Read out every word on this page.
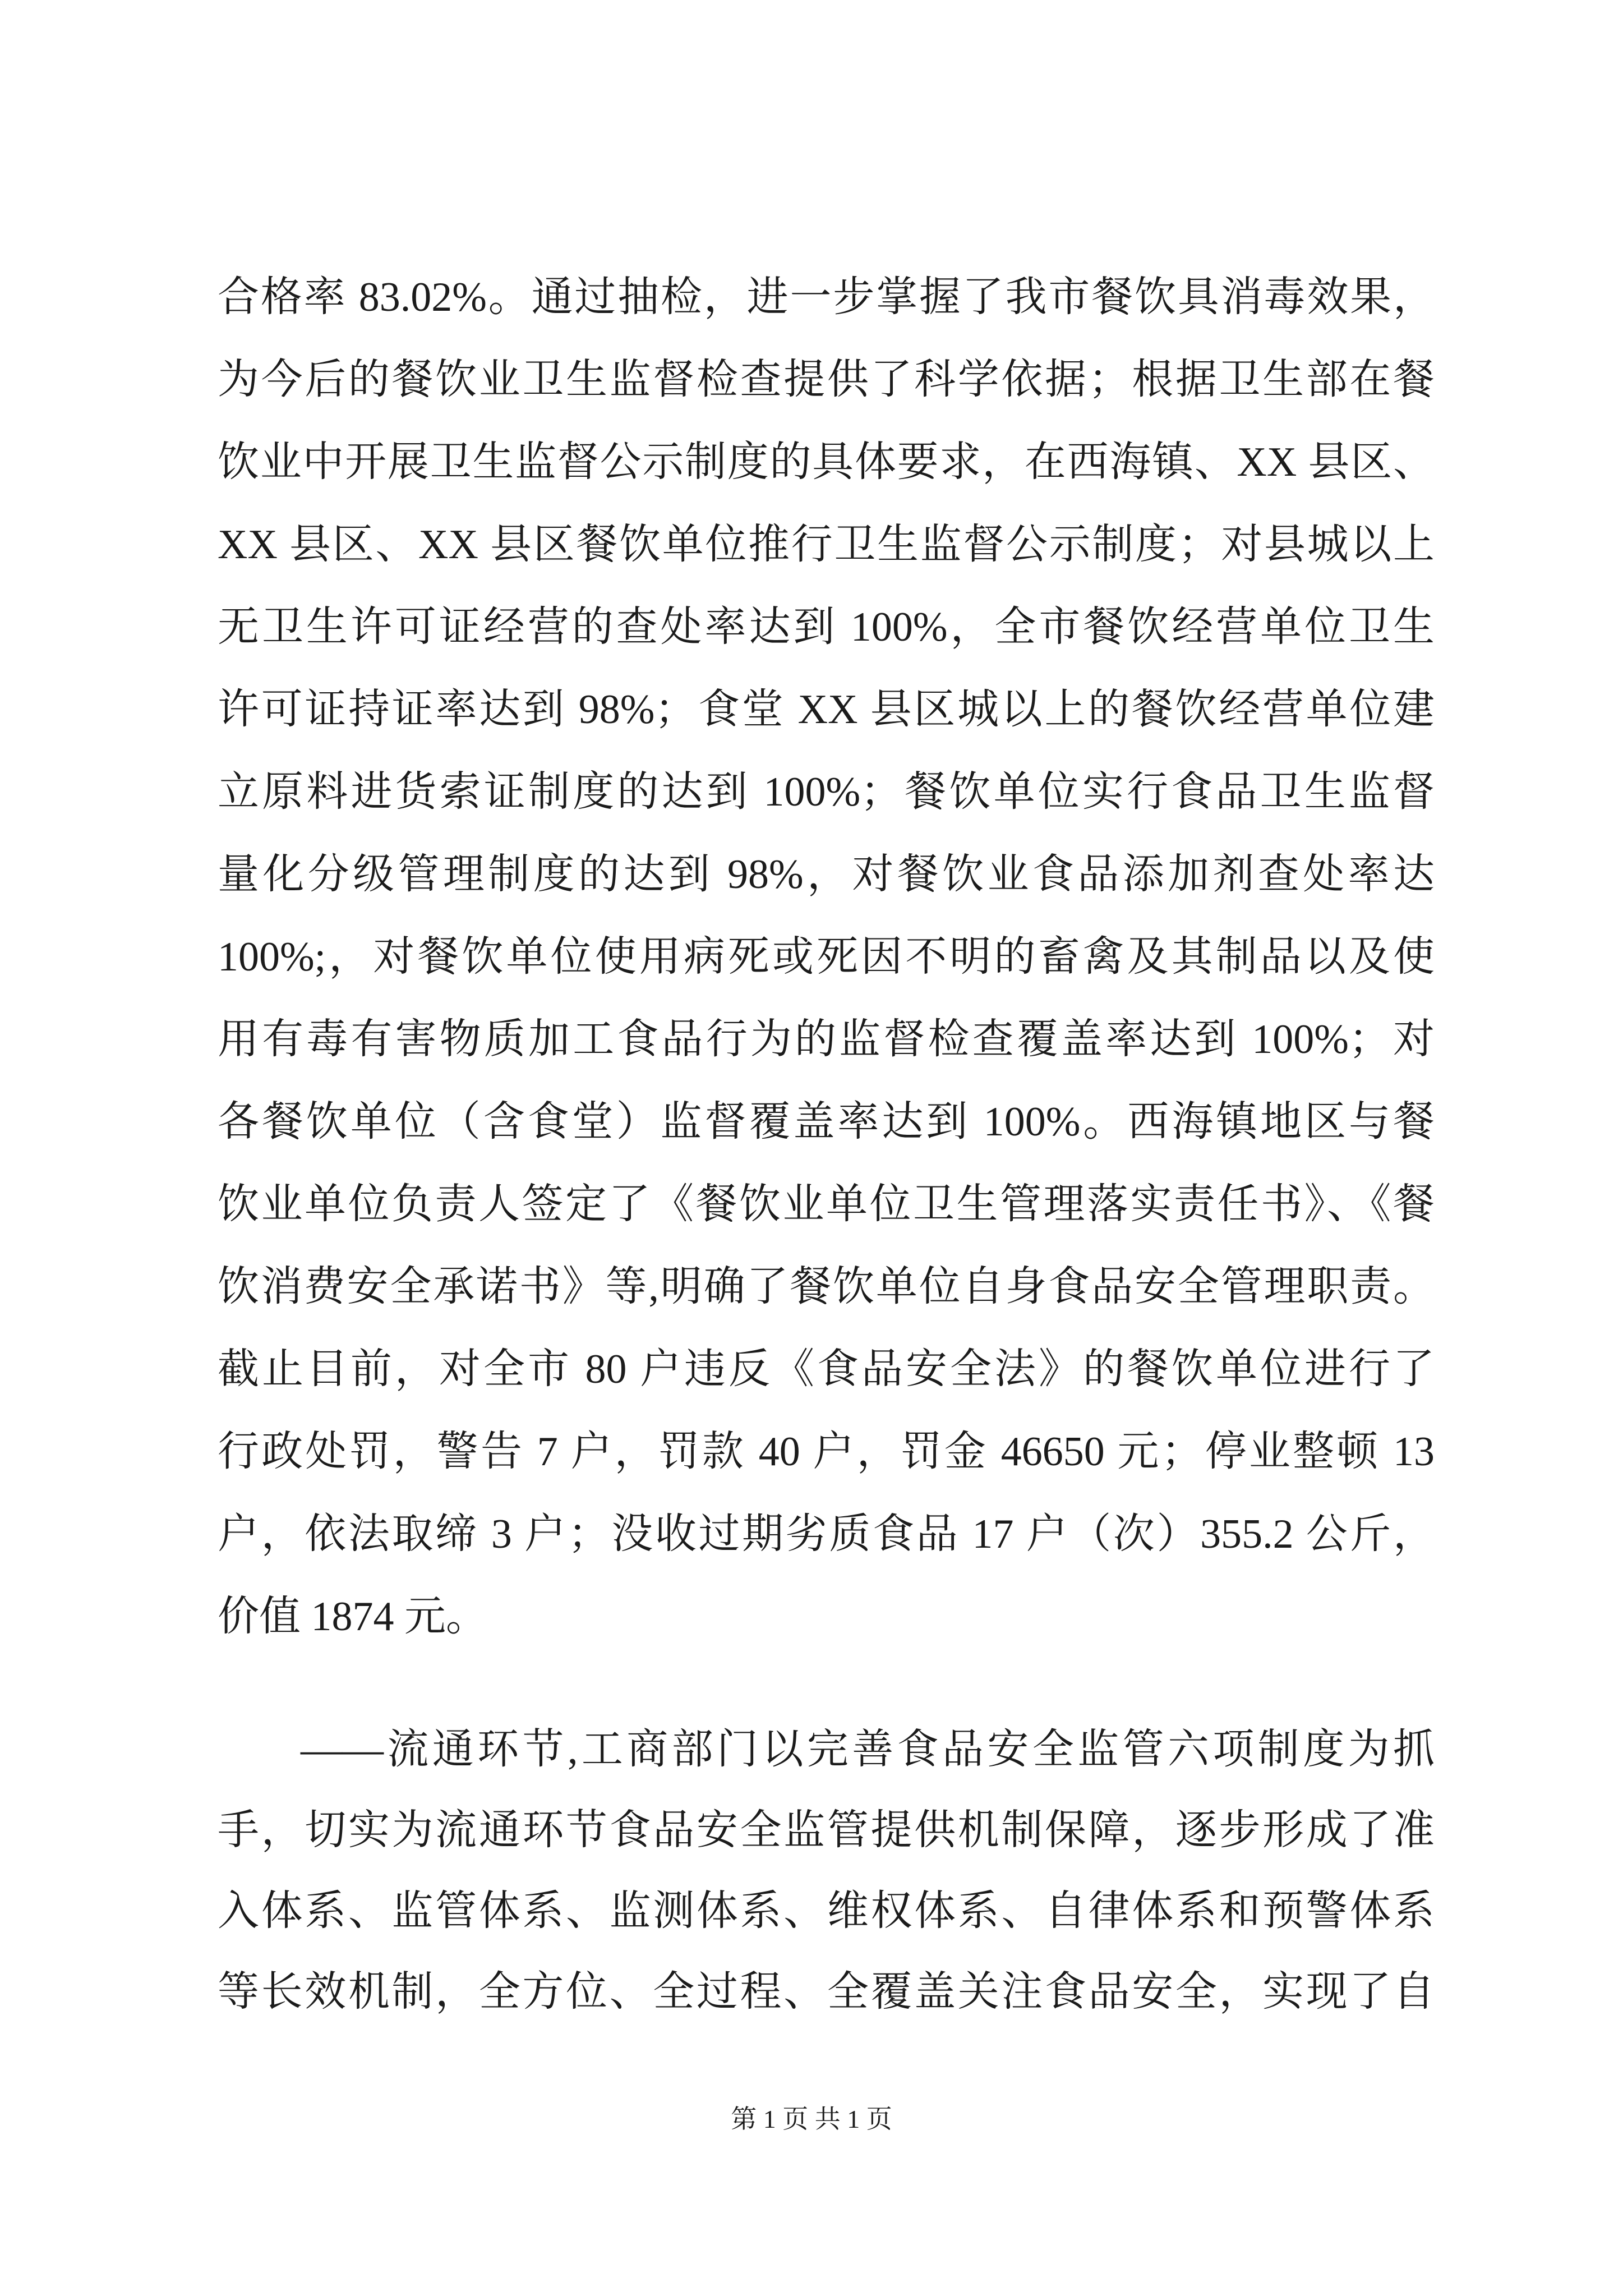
合格率 83.02%。通过抽检，进一步掌握了我市餐饮具消毒效果，
为今后的餐饮业卫生监督检查提供了科学依据；根据卫生部在餐
饮业中开展卫生监督公示制度的具体要求，在西海镇、XX 县区、
XX 县区、XX 县区餐饮单位推行卫生监督公示制度；对县城以上
无卫生许可证经营的查处率达到 100%，全市餐饮经营单位卫生
许可证持证率达到 98%；食堂 XX 县区城以上的餐饮经营单位建
立原料进货索证制度的达到 100%；餐饮单位实行食品卫生监督
量化分级管理制度的达到 98%，对餐饮业食品添加剂查处率达
100%;，对餐饮单位使用病死或死因不明的畜禽及其制品以及使
用有毒有害物质加工食品行为的监督检查覆盖率达到 100%；对
各餐饮单位（含食堂）监督覆盖率达到 100%。西海镇地区与餐
饮业单位负责人签定了《餐饮业单位卫生管理落实责任书》、《餐
饮消费安全承诺书》等,明确了餐饮单位自身食品安全管理职责。
截止目前，对全市 80 户违反《食品安全法》的餐饮单位进行了
行政处罚，警告 7 户，罚款 40 户，罚金 46650 元；停业整顿 13
户，依法取缔 3 户；没收过期劣质食品 17 户（次）355.2 公斤，
价值 1874 元。
——流通环节,工商部门以完善食品安全监管六项制度为抓
手，切实为流通环节食品安全监管提供机制保障，逐步形成了准
入体系、监管体系、监测体系、维权体系、自律体系和预警体系
等长效机制，全方位、全过程、全覆盖关注食品安全，实现了自
第 1 页 共 1 页
